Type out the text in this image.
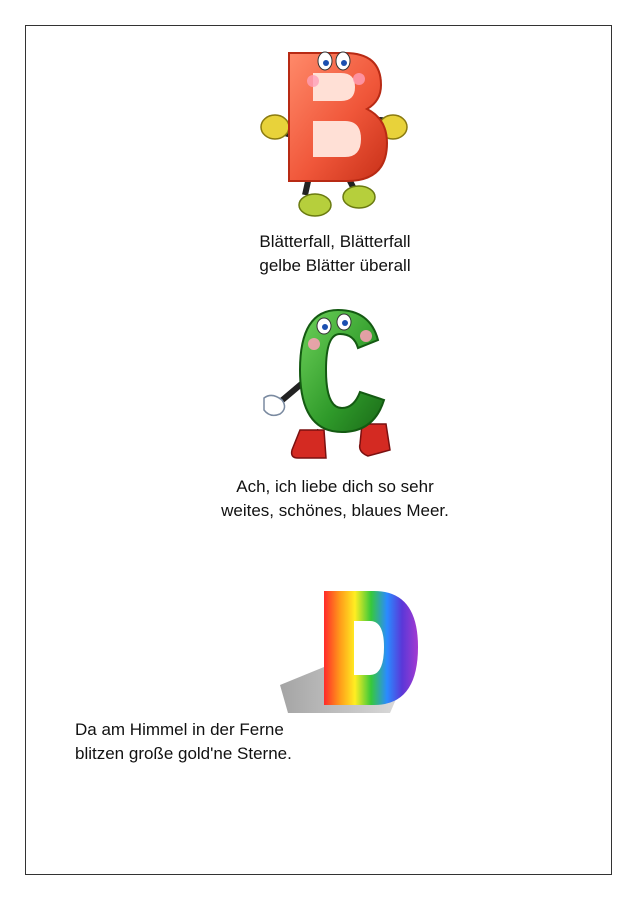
Blätterfall, Blätterfall
gelbe Blätter überall
Ach, ich liebe dich so sehr
weites, schönes, blaues Meer.
Da am Himmel in der Ferne
blitzen große gold'ne Sterne.
